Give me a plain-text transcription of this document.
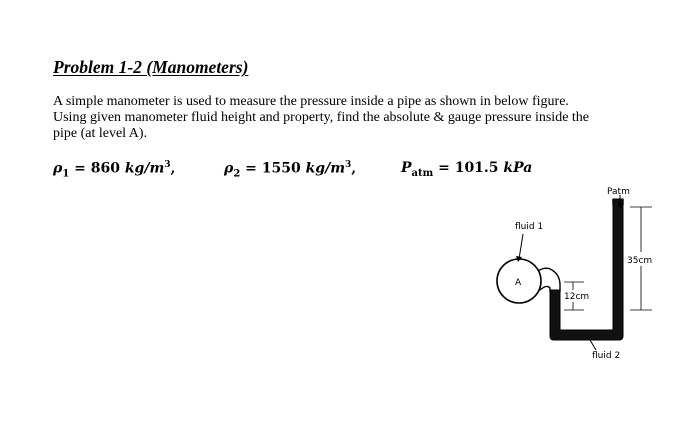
Problem 1-2 (Manometers)
A simple manometer is used to measure the pressure inside a pipe as shown in below figure.
Using given manometer fluid height and property, find the absolute & gauge pressure inside the
pipe (at level A).
$\rho_1 = 860$ $kg/m^3$,	$\rho_2 = 1550$ $kg/m^3$,	$P_{atm} = 101.5$ kPa
Patm
fluid 1
A
12cm
35cm
fluid 2
